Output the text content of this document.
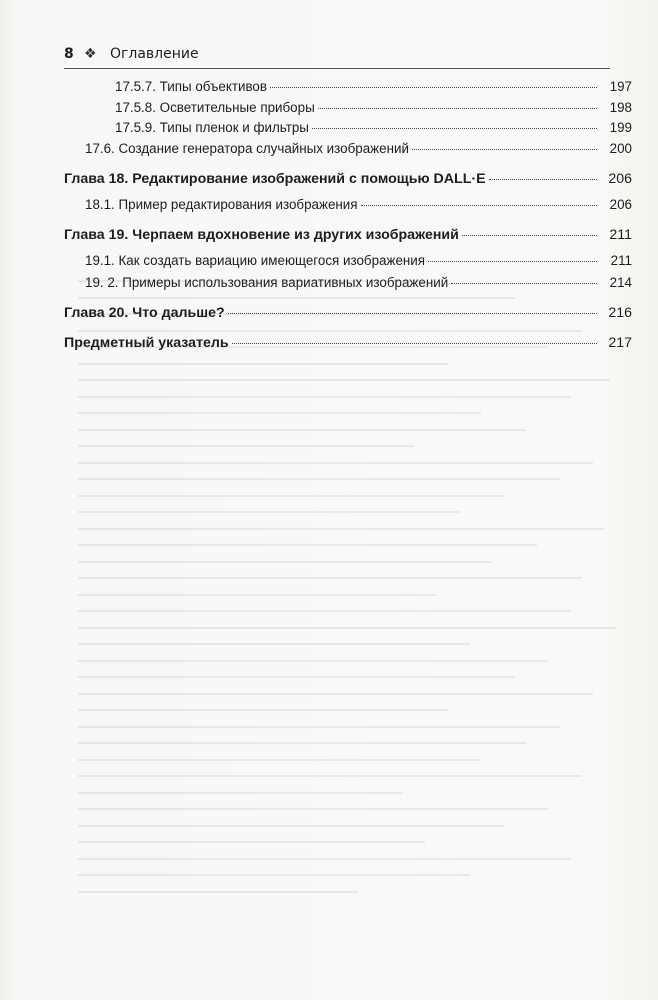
8 ❖ Оглавление
17.5.7. Типы объективов	197
17.5.8. Осветительные приборы	198
17.5.9. Типы пленок и фильтры	199
17.6. Создание генератора случайных изображений	200
Глава 18. Редактирование изображений с помощью DALL·E	206
18.1. Пример редактирования изображения	206
Глава 19. Черпаем вдохновение из других изображений	211
19.1. Как создать вариацию имеющегося изображения	211
19. 2. Примеры использования вариативных изображений	214
Глава 20. Что дальше?	216
Предметный указатель	217
